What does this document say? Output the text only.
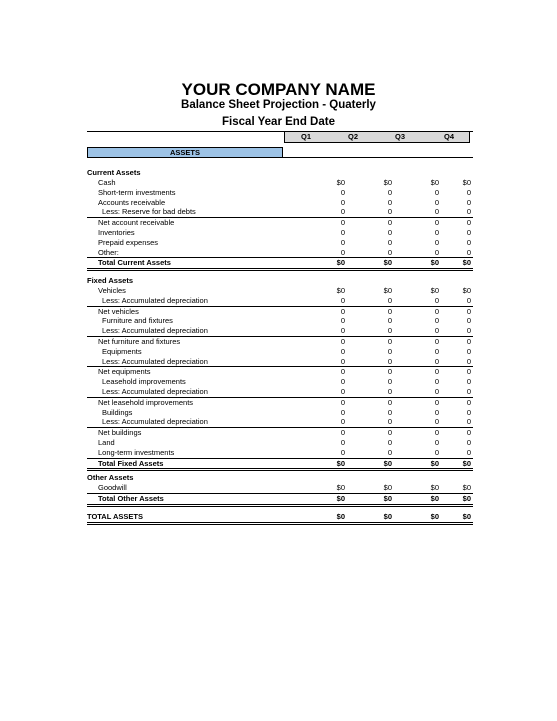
YOUR COMPANY NAME
Balance Sheet Projection - Quaterly
Fiscal Year End Date
Q1	Q2	Q3	Q4
ASSETS
Current Assets
Cash	$0	$0	$0	$0
Short-term investments	0	0	0	0
Accounts receivable	0	0	0	0
Less: Reserve for bad debts	0	0	0	0
Net account receivable	0	0	0	0
Inventories	0	0	0	0
Prepaid expenses	0	0	0	0
Other:	0	0	0	0
Total Current Assets	$0	$0	$0	$0
Fixed Assets
Vehicles	$0	$0	$0	$0
Less: Accumulated depreciation	0	0	0	0
Net vehicles	0	0	0	0
Furniture and fixtures	0	0	0	0
Less: Accumulated depreciation	0	0	0	0
Net furniture and fixtures	0	0	0	0
Equipments	0	0	0	0
Less: Accumulated depreciation	0	0	0	0
Net equipments	0	0	0	0
Leasehold improvements	0	0	0	0
Less: Accumulated depreciation	0	0	0	0
Net leasehold improvements	0	0	0	0
Buildings	0	0	0	0
Less: Accumulated depreciation	0	0	0	0
Net buildings	0	0	0	0
Land	0	0	0	0
Long-term investments	0	0	0	0
Total Fixed Assets	$0	$0	$0	$0
Other Assets
Goodwill	$0	$0	$0	$0
Total Other Assets	$0	$0	$0	$0
TOTAL ASSETS	$0	$0	$0	$0
